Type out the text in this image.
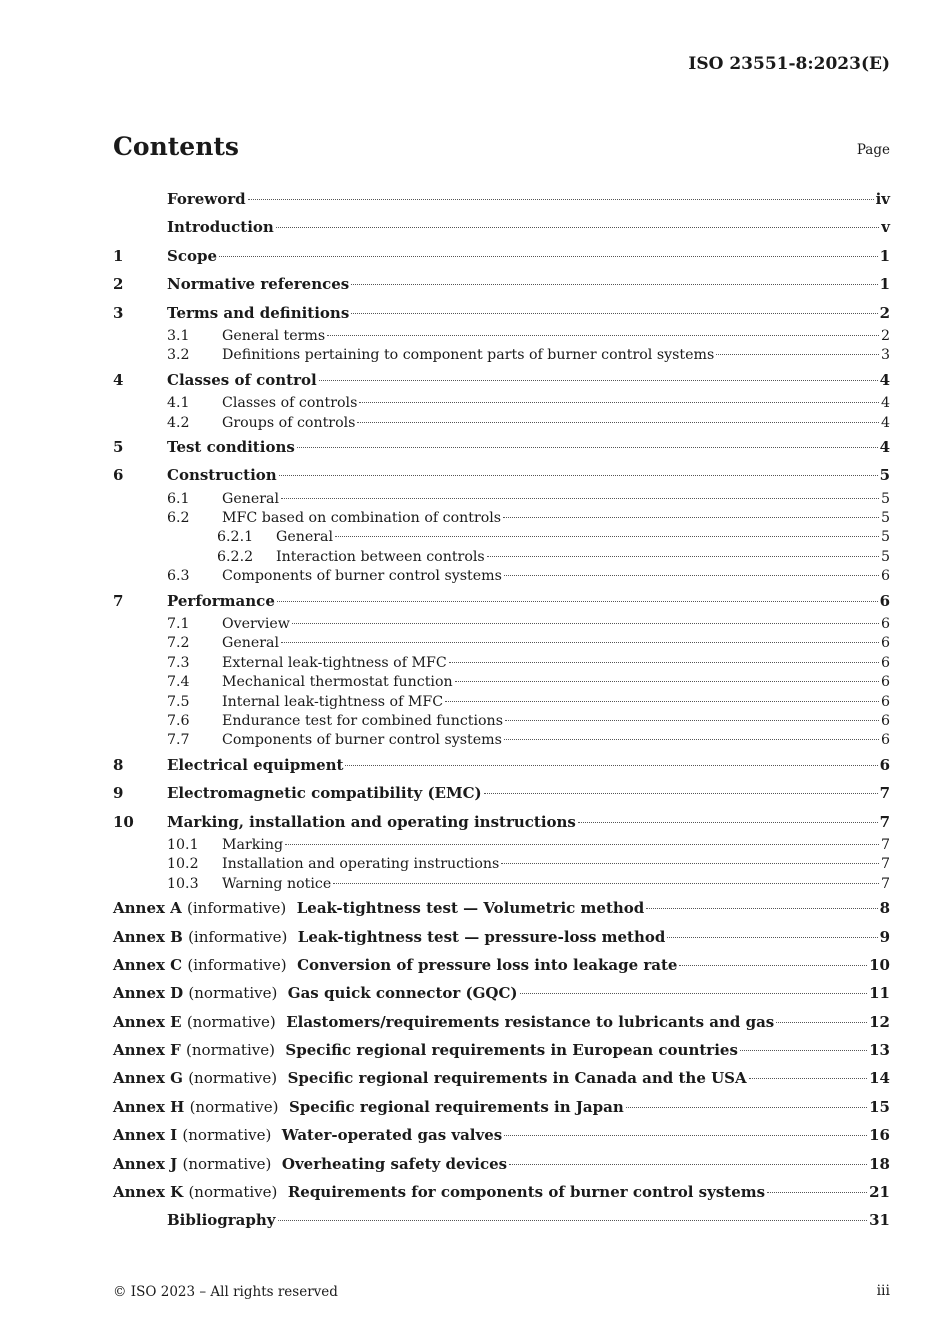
ISO 23551-8:2023(E)
Contents	Page
Foreword	iv
Introduction	v
1	Scope	1
2	Normative references	1
3	Terms and definitions	2
3.1 General terms	2
3.2 Definitions pertaining to component parts of burner control systems	3
4	Classes of control	4
4.1 Classes of controls	4
4.2 Groups of controls	4
5	Test conditions	4
6	Construction	5
6.1 General	5
6.2 MFC based on combination of controls	5
6.2.1 General	5
6.2.2 Interaction between controls	5
6.3 Components of burner control systems	6
7	Performance	6
7.1 Overview	6
7.2 General	6
7.3 External leak-tightness of MFC	6
7.4 Mechanical thermostat function	6
7.5 Internal leak-tightness of MFC	6
7.6 Endurance test for combined functions	6
7.7 Components of burner control systems	6
8	Electrical equipment	6
9	Electromagnetic compatibility (EMC)	7
10 Marking, installation and operating instructions	7
10.1 Marking	7
10.2 Installation and operating instructions	7
10.3 Warning notice	7
Annex A (informative) Leak-tightness test — Volumetric method	8
Annex B (informative) Leak-tightness test — pressure-loss method	9
Annex C (informative) Conversion of pressure loss into leakage rate	10
Annex D (normative) Gas quick connector (GQC)	11
Annex E (normative) Elastomers/requirements resistance to lubricants and gas	12
Annex F (normative) Specific regional requirements in European countries	13
Annex G (normative) Specific regional requirements in Canada and the USA	14
Annex H (normative) Specific regional requirements in Japan	15
Annex I (normative) Water-operated gas valves	16
Annex J (normative) Overheating safety devices	18
Annex K (normative) Requirements for components of burner control systems	21
Bibliography	31
© ISO 2023 – All rights reserved	iii
